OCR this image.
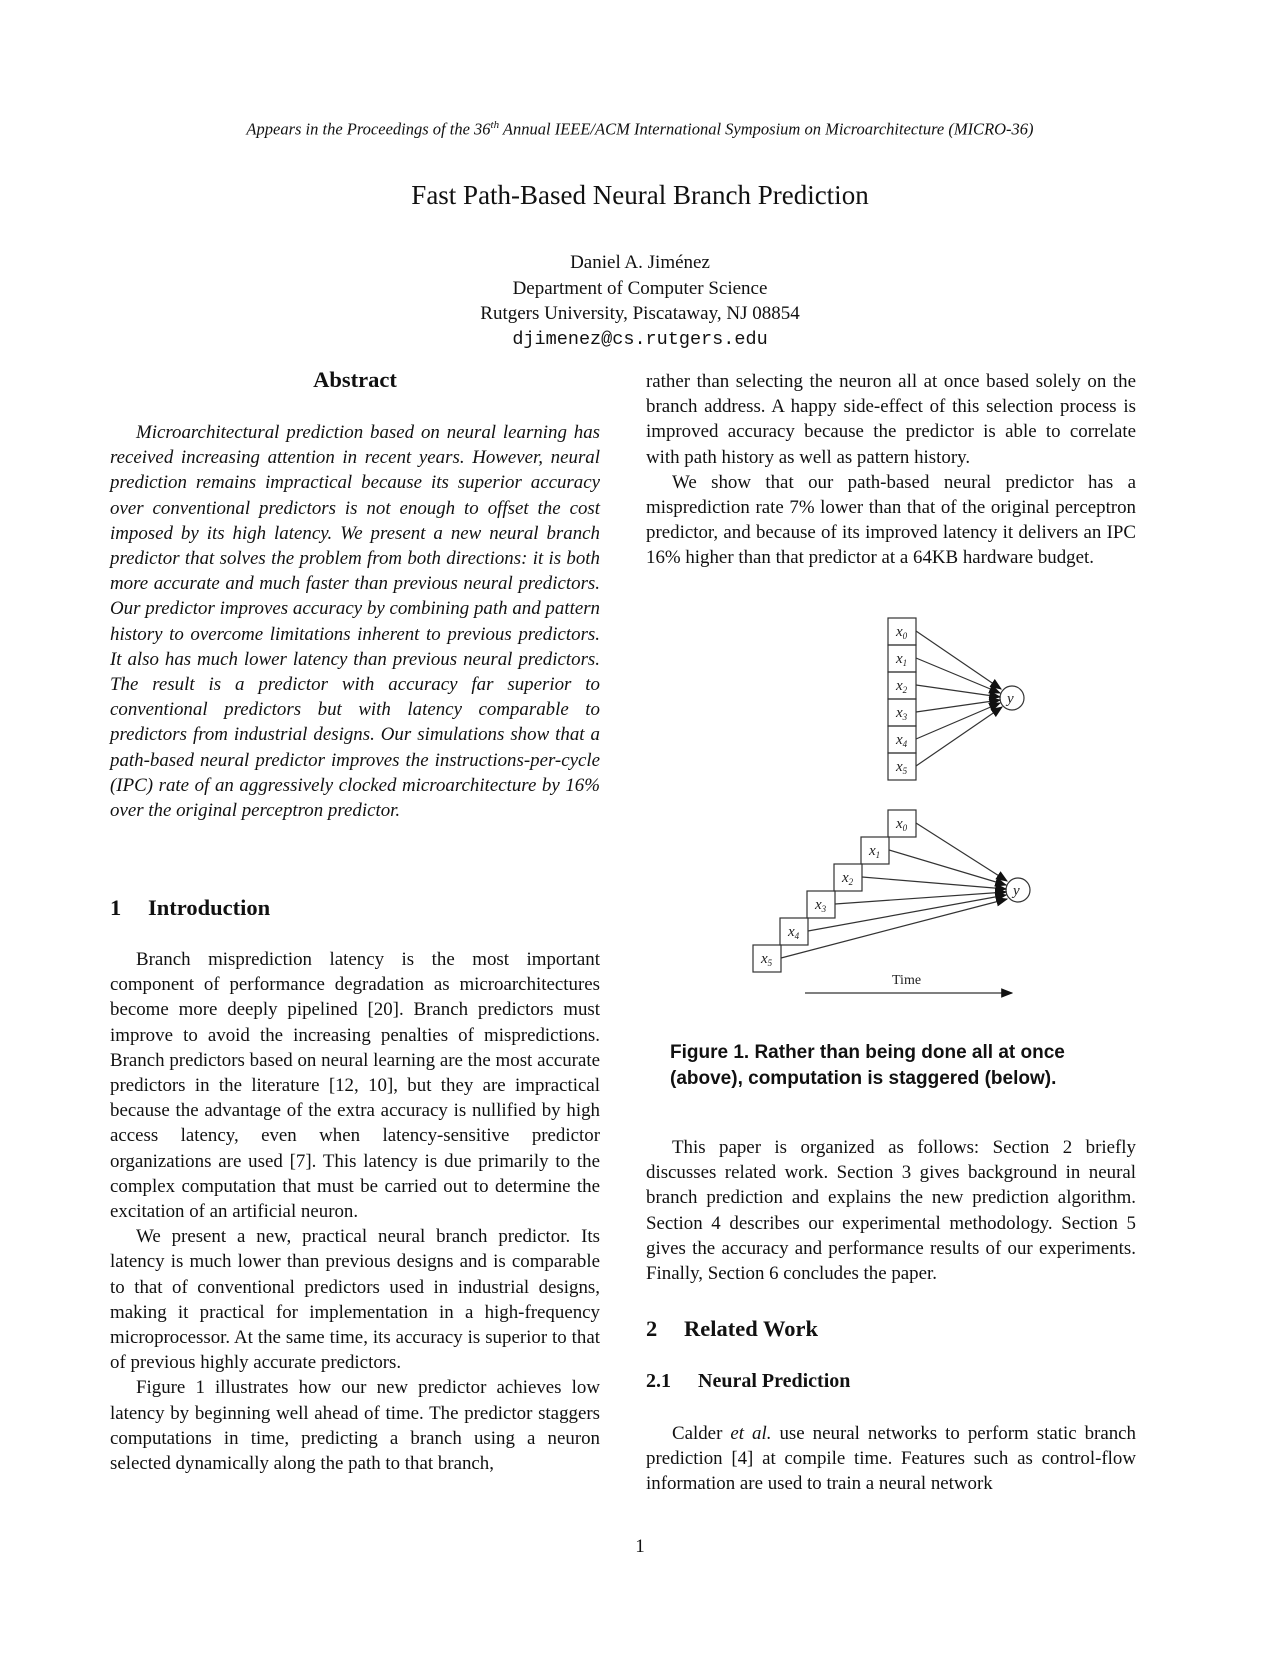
Appears in the Proceedings of the 36th Annual IEEE/ACM International Symposium on Microarchitecture (MICRO-36)
Fast Path-Based Neural Branch Prediction
Daniel A. Jiménez
Department of Computer Science
Rutgers University, Piscataway, NJ 08854
djimenez@cs.rutgers.edu
Abstract

Microarchitectural prediction based on neural learning has received increasing attention in recent years. However, neural prediction remains impractical because its superior accuracy over conventional predictors is not enough to offset the cost imposed by its high latency. We present a new neural branch predictor that solves the problem from both directions: it is both more accurate and much faster than previous neural predictors. Our predictor improves accuracy by combining path and pattern history to overcome limitations inherent to previous predictors. It also has much lower latency than previous neural predictors. The result is a predictor with accuracy far superior to conventional predictors but with latency comparable to predictors from industrial designs. Our simulations show that a path-based neural predictor improves the instructions-per-cycle (IPC) rate of an aggressively clocked microarchitecture by 16% over the original perceptron predictor.

1 Introduction

Branch misprediction latency is the most important component of performance degradation as microarchitectures become more deeply pipelined [20]. Branch predictors must improve to avoid the increasing penalties of mispredictions. Branch predictors based on neural learning are the most accurate predictors in the literature [12, 10], but they are impractical because the advantage of the extra accuracy is nullified by high access latency, even when latency-sensitive predictor organizations are used [7]. This latency is due primarily to the complex computation that must be carried out to determine the excitation of an artificial neuron.

We present a new, practical neural branch predictor. Its latency is much lower than previous designs and is comparable to that of conventional predictors used in industrial designs, making it practical for implementation in a high-frequency microprocessor. At the same time, its accuracy is superior to that of previous highly accurate predictors.

Figure 1 illustrates how our new predictor achieves low latency by beginning well ahead of time. The predictor staggers computations in time, predicting a branch using a neuron selected dynamically along the path to that branch,

rather than selecting the neuron all at once based solely on the branch address. A happy side-effect of this selection process is improved accuracy because the predictor is able to correlate with path history as well as pattern history.

We show that our path-based neural predictor has a misprediction rate 7% lower than that of the original perceptron predictor, and because of its improved latency it delivers an IPC 16% higher than that predictor at a 64KB hardware budget.

$x_0$
$x_1$
$x_2$
$x_3$
$x_4$
$x_5$
y
$x_0$
$x_1$
$x_2$
$x_3$
$x_4$
$x_5$
y
Time
Figure 1. Rather than being done all at once (above), computation is staggered (below).

This paper is organized as follows: Section 2 briefly discusses related work. Section 3 gives background in neural branch prediction and explains the new prediction algorithm. Section 4 describes our experimental methodology. Section 5 gives the accuracy and performance results of our experiments. Finally, Section 6 concludes the paper.

2 Related Work
2.1 Neural Prediction

Calder et al. use neural networks to perform static branch prediction [4] at compile time. Features such as control-flow information are used to train a neural network

1
